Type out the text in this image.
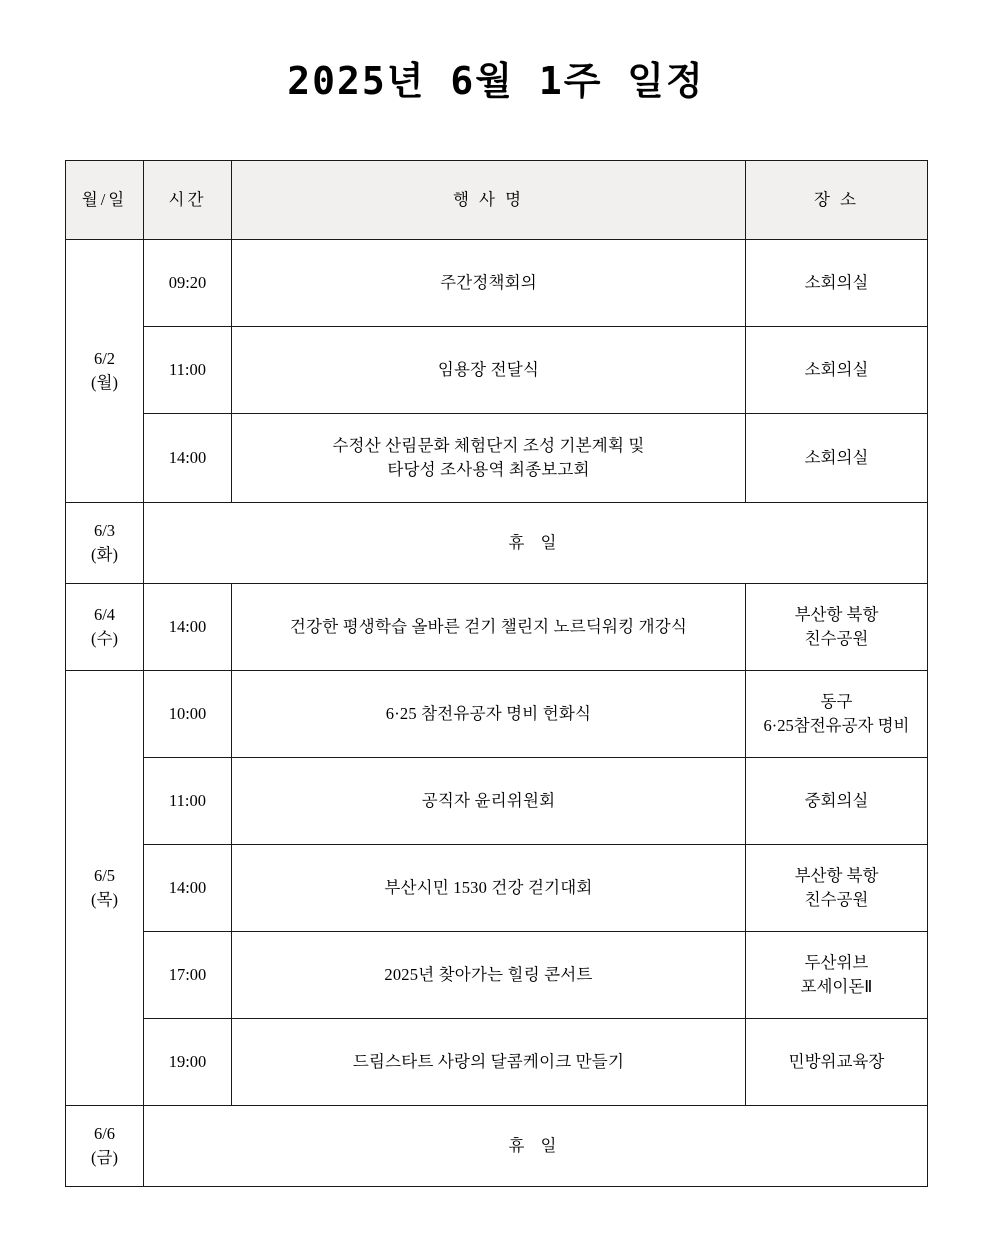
2025년 6월 1주 일정
월/일	시간	행 사 명	장 소

6/2
(월)	09:20	주간정책회의	소회의실

	11:00	임용장 전달식	소회의실

	14:00	수정산 산림문화 체험단지 조성 기본계획 및
타당성 조사용역 최종보고회	소회의실

6/3
(화)	휴 일		

6/4
(수)	14:00	건강한 평생학습 올바른 걷기 챌린지 노르딕워킹 개강식	부산항 북항
친수공원

6/5
(목)	10:00	6·25 참전유공자 명비 헌화식	동구
6·25참전유공자 명비

	11:00	공직자 윤리위원회	중회의실

	14:00	부산시민 1530 건강 걷기대회	부산항 북항
친수공원

	17:00	2025년 찾아가는 힐링 콘서트	두산위브
포세이돈Ⅱ

	19:00	드림스타트 사랑의 달콤케이크 만들기	민방위교육장

6/6
(금)	휴 일		
